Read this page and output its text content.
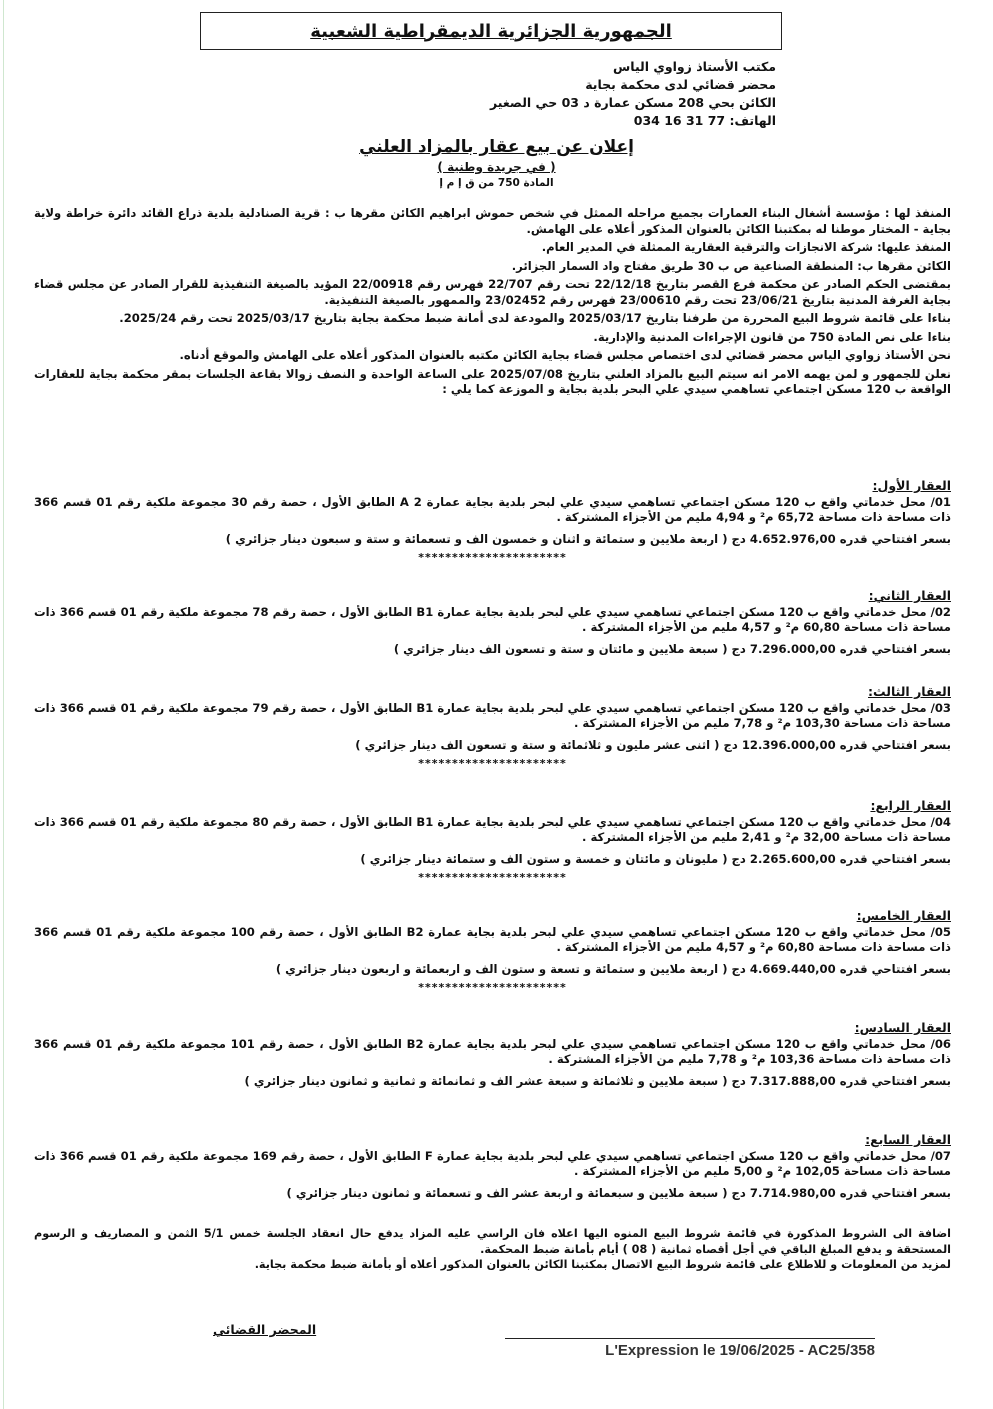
الجمهورية الجزائرية الديمقراطية الشعبية
مكتب الأستاذ زواوي الياس
محضر قضائي لدى محكمة بجاية
الكائن بحي 208 مسكن عمارة د 03 حي الصغير
الهاتف: 77 31 16 034
إعلان عن بيع عقار بالمزاد العلني
( في جريدة وطنية )
المادة 750 من ق إ م إ

المنفذ لها : مؤسسة أشغال البناء العمارات بجميع مراحله الممثل في شخص حموش ابراهيم الكائن مقرها ب : قرية الصنادلية بلدية ذراع القائد دائرة خراطة ولاية بجاية - المختار موطنا له بمكتبنا الكائن بالعنوان المذكور أعلاه على الهامش.

المنفذ عليها: شركة الانجازات والترقية العقارية الممثلة في المدير العام.

الكائن مقرها ب: المنطقة الصناعية ص ب 30 طريق مفتاح واد السمار الجزائر.

بمقتضى الحكم الصادر عن محكمة فرع القصر بتاريخ 22/12/18 تحت رقم 22/707 فهرس رقم 22/00918 المؤيد بالصيغة التنفيذية للقرار الصادر عن مجلس قضاء بجاية الغرفة المدنية بتاريخ 23/06/21 تحت رقم 23/00610 فهرس رقم 23/02452 والممهور بالصيغة التنفيذية.

بناءا على قائمة شروط البيع المحررة من طرفنا بتاريخ 2025/03/17 والمودعة لدى أمانة ضبط محكمة بجاية بتاريخ 2025/03/17 تحت رقم 2025/24.

بناءا على نص المادة 750 من قانون الإجراءات المدنية والإدارية.

نحن الأستاذ زواوي الياس محضر قضائي لدى اختصاص مجلس قضاء بجاية الكائن مكتبه بالعنوان المذكور أعلاه على الهامش والموقع أدناه.

نعلن للجمهور و لمن يهمه الامر انه سيتم البيع بالمزاد العلني بتاريخ 2025/07/08 على الساعة الواحدة و النصف زوالا بقاعة الجلسات بمقر محكمة بجاية للعقارات الواقعة ب 120 مسكن اجتماعي تساهمي سيدي علي البحر بلدية بجاية و الموزعة كما يلي :

العقار الأول:

01/ محل خدماتي واقع ب 120 مسكن اجتماعي تساهمي سيدي علي لبحر بلدية بجاية عمارة A 2 الطابق الأول ، حصة رقم 30 مجموعة ملكية رقم 01 قسم 366 ذات مساحة ذات مساحة 65,72 م² و 4,94 مليم من الأجزاء المشتركة .

بسعر افتتاحي قدره 4.652.976,00 دج ( اربعة ملايين و ستمائة و اثنان و خمسون الف و تسعمائة و ستة و سبعون دينار جزائري )

**********************
العقار الثاني:

02/ محل خدماتي واقع ب 120 مسكن اجتماعي تساهمي سيدي علي لبحر بلدية بجاية عمارة B1 الطابق الأول ، حصة رقم 78 مجموعة ملكية رقم 01 قسم 366 ذات مساحة ذات مساحة 60,80 م² و 4,57 مليم من الأجزاء المشتركة .

بسعر افتتاحي قدره 7.296.000,00 دج ( سبعة ملايين و مائتان و ستة و تسعون الف دينار جزائري )

العقار الثالث:

03/ محل خدماتي واقع ب 120 مسكن اجتماعي تساهمي سيدي علي لبحر بلدية بجاية عمارة B1 الطابق الأول ، حصة رقم 79 مجموعة ملكية رقم 01 قسم 366 ذات مساحة ذات مساحة 103,30 م² و 7,78 مليم من الأجزاء المشتركة .

بسعر افتتاحي قدره 12.396.000,00 دج ( اثنى عشر مليون و ثلاثمائة و ستة و تسعون الف دينار جزائري )

**********************
العقار الرابع:

04/ محل خدماتي واقع ب 120 مسكن اجتماعي تساهمي سيدي علي لبحر بلدية بجاية عمارة B1 الطابق الأول ، حصة رقم 80 مجموعة ملكية رقم 01 قسم 366 ذات مساحة ذات مساحة 32,00 م² و 2,41 مليم من الأجزاء المشتركة .

بسعر افتتاحي قدره 2.265.600,00 دج ( مليونان و مائتان و خمسة و ستون الف و ستمائة دينار جزائري )

**********************
العقار الخامس:

05/ محل خدماتي واقع ب 120 مسكن اجتماعي تساهمي سيدي علي لبحر بلدية بجاية عمارة B2 الطابق الأول ، حصة رقم 100 مجموعة ملكية رقم 01 قسم 366 ذات مساحة ذات مساحة 60,80 م² و 4,57 مليم من الأجزاء المشتركة .

بسعر افتتاحي قدره 4.669.440,00 دج ( اربعة ملايين و ستمائة و تسعة و ستون الف و اربعمائة و اربعون دينار جزائري )

**********************
العقار السادس:

06/ محل خدماتي واقع ب 120 مسكن اجتماعي تساهمي سيدي علي لبحر بلدية بجاية عمارة B2 الطابق الأول ، حصة رقم 101 مجموعة ملكية رقم 01 قسم 366 ذات مساحة ذات مساحة 103,36 م² و 7,78 مليم من الأجزاء المشتركة .

بسعر افتتاحي قدره 7.317.888,00 دج ( سبعة ملايين و ثلاثمائة و سبعة عشر الف و ثمانمائة و ثمانية و ثمانون دينار جزائري )

العقار السابع:

07/ محل خدماتي واقع ب 120 مسكن اجتماعي تساهمي سيدي علي لبحر بلدية بجاية عمارة F الطابق الأول ، حصة رقم 169 مجموعة ملكية رقم 01 قسم 366 ذات مساحة ذات مساحة 102,05 م² و 5,00 مليم من الأجزاء المشتركة .

بسعر افتتاحي قدره 7.714.980,00 دج ( سبعة ملايين و سبعمائة و اربعة عشر الف و تسعمائة و ثمانون دينار جزائري )

اضافة الى الشروط المذكورة في قائمة شروط البيع المنوه اليها اعلاه فان الراسي عليه المزاد يدفع حال انعقاد الجلسة خمس 5/1 الثمن و المصاريف و الرسوم المستحقة و يدفع المبلغ الباقي في أجل أقصاه ثمانية ( 08 ) أيام بأمانة ضبط المحكمة.

لمزيد من المعلومات و للاطلاع على قائمة شروط البيع الاتصال بمكتبنا الكائن بالعنوان المذكور أعلاه أو بأمانة ضبط محكمة بجاية.

المحضر القضائي
L'Expression le 19/06/2025 - AC25/358
